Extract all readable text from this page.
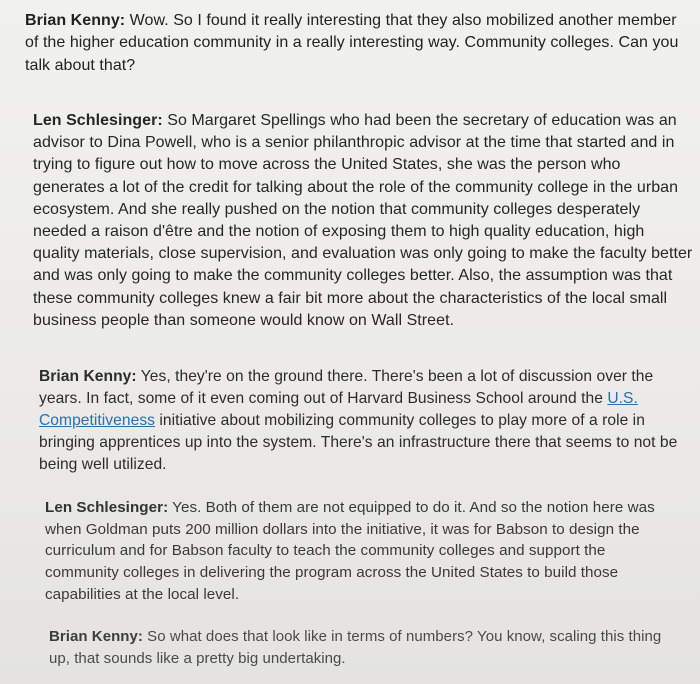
Brian Kenny: Wow. So I found it really interesting that they also mobilized another member of the higher education community in a really interesting way. Community colleges. Can you talk about that?

Len Schlesinger: So Margaret Spellings who had been the secretary of education was an advisor to Dina Powell, who is a senior philanthropic advisor at the time that started and in trying to figure out how to move across the United States, she was the person who generates a lot of the credit for talking about the role of the community college in the urban ecosystem. And she really pushed on the notion that community colleges desperately needed a raison d'être and the notion of exposing them to high quality education, high quality materials, close supervision, and evaluation was only going to make the faculty better and was only going to make the community colleges better. Also, the assumption was that these community colleges knew a fair bit more about the characteristics of the local small business people than someone would know on Wall Street.

Brian Kenny: Yes, they're on the ground there. There's been a lot of discussion over the years. In fact, some of it even coming out of Harvard Business School around the U.S. Competitiveness initiative about mobilizing community colleges to play more of a role in bringing apprentices up into the system. There's an infrastructure there that seems to not be being well utilized.

Len Schlesinger: Yes. Both of them are not equipped to do it. And so the notion here was when Goldman puts 200 million dollars into the initiative, it was for Babson to design the curriculum and for Babson faculty to teach the community colleges and support the community colleges in delivering the program across the United States to build those capabilities at the local level.

Brian Kenny: So what does that look like in terms of numbers? You know, scaling this thing up, that sounds like a pretty big undertaking.
